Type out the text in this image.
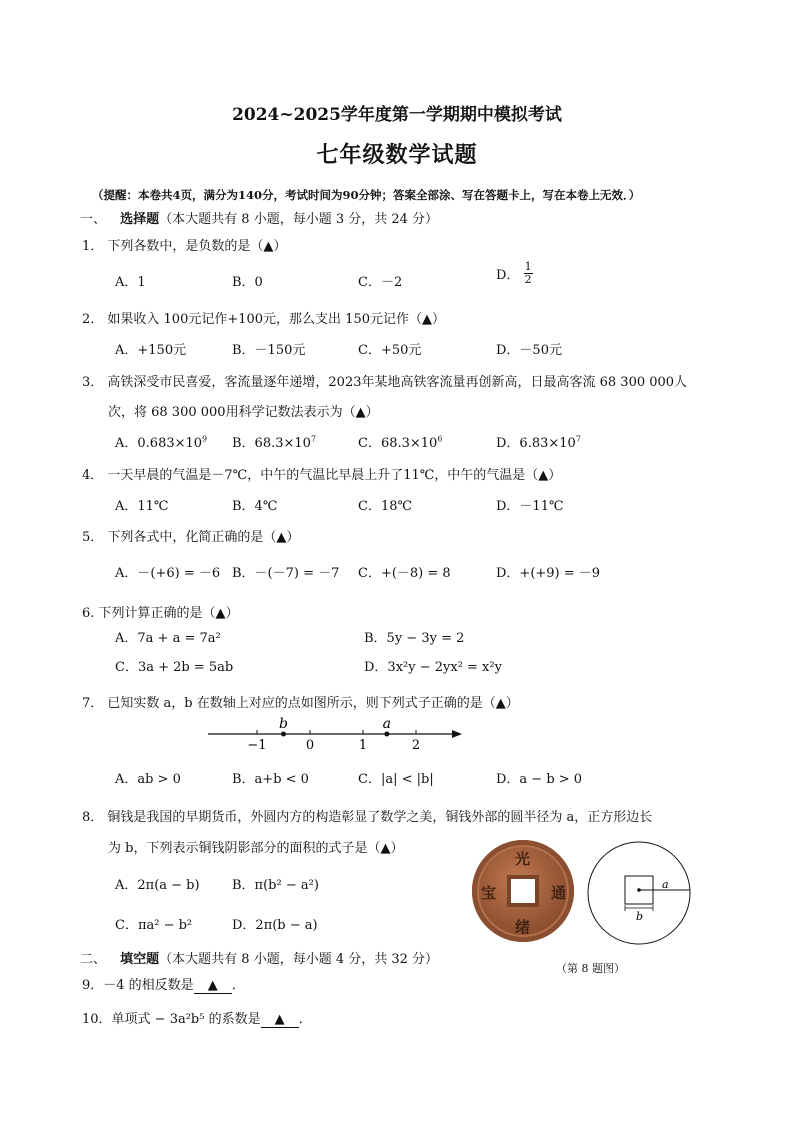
2024~2025学年度第一学期期中模拟考试
七年级数学试题
（提醒：本卷共4页，满分为140分，考试时间为90分钟；答案全部涂、写在答题卡上，写在本卷上无效．）
一、 选择题（本大题共有 8 小题，每小题 3 分，共 24 分）
1． 下列各数中，是负数的是（▲）
A．1	B．0	C．－2	D． $\frac{1}{2}$
2． 如果收入 100元记作+100元，那么支出 150元记作（▲）
A．+150元	B．－150元	C．+50元	D．－50元
3． 高铁深受市民喜爱，客流量逐年递增，2023年某地高铁客流量再创新高，日最高客流 68 300 000人
次，将 68 300 000用科学记数法表示为（▲）
A．$0.683\times 10^9$ B．$68.3\times 10^7$	C．$68.3\times 10^6$	D．$6.83\times 10^7$
4． 一天早晨的气温是－7℃，中午的气温比早晨上升了11℃，中午的气温是（▲）
A．11℃	B．4℃	C．18℃	D．－11℃
5． 下列各式中，化简正确的是（▲）
A．－(+6) = －6 B．－(－7) = －7 C．+(－8) = 8	D．+(+9) = －9
6. 下列计算正确的是（▲）
A．7a + a = 7a²	B．5y − 3y = 2
C．3a + 2b = 5ab	D．3x²y − 2yx² = x²y
7． 已知实数 a，b 在数轴上对应的点如图所示，则下列式子正确的是（▲）
−1	0	1	2
b	a
A．ab > 0	B．a+b < 0	C．|a| < |b|	D．a − b > 0
8． 铜钱是我国的早期货币，外圆内方的构造彰显了数学之美，铜钱外部的圆半径为 a，正方形边长
为 b，下列表示铜钱阴影部分的面积的式子是（▲）
A．2π(a − b) B．π(b² − a²)
C．πa² − b²	D．2π(b − a)
光
通
宝
绪
a
b
（第 8 题图）
二、 填空题（本大题共有 8 小题，每小题 4 分，共 32 分）
9．－4 的相反数是 ▲ ．
10．单项式 − 3a²b⁵ 的系数是 ▲ ．
